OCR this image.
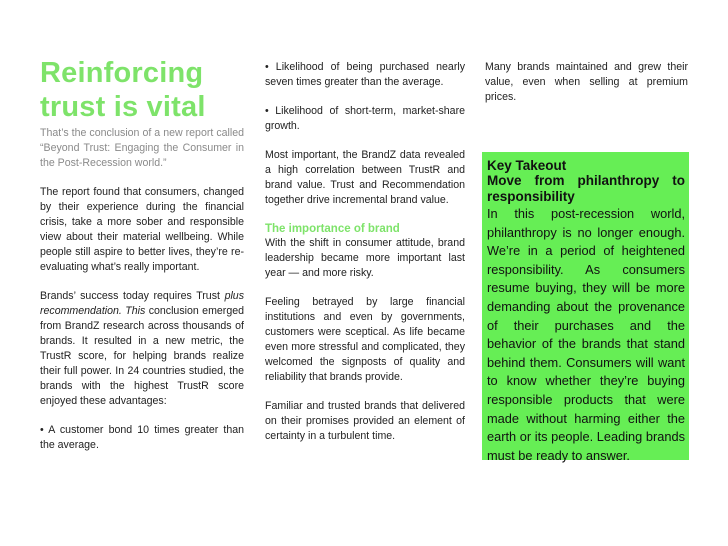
Reinforcing trust is vital

That’s the conclusion of a new report called “Beyond Trust: Engaging the Consumer in the Post-Recession world.”

The report found that consumers, changed by their experience during the financial crisis, take a more sober and responsible view about their material wellbeing. While people still aspire to better lives, they’re re-evaluating what’s really important.

Brands’ success today requires Trust plus recommendation. This conclusion emerged from BrandZ research across thousands of brands. It resulted in a new metric, the TrustR score, for helping brands realize their full power. In 24 countries studied, the brands with the highest TrustR score enjoyed these advantages:

• A customer bond 10 times greater than the average.

• Likelihood of being purchased nearly seven times greater than the average.

• Likelihood of short-term, market-share growth.

Most important, the BrandZ data revealed a high correlation between TrustR and brand value. Trust and Recommendation together drive incremental brand value.

The importance of brand

With the shift in consumer attitude, brand leadership became more important last year — and more risky.

Feeling betrayed by large financial institutions and even by governments, customers were sceptical. As life became even more stressful and complicated, they welcomed the signposts of quality and reliability that brands provide.

Familiar and trusted brands that delivered on their promises provided an element of certainty in a turbulent time.

Many brands maintained and grew their value, even when selling at premium prices.

Key Takeout

Move from philanthropy to responsibility

In this post-recession world, philanthropy is no longer enough. We’re in a period of heightened responsibility. As consumers resume buying, they will be more demanding about the provenance of their purchases and the behavior of the brands that stand behind them. Consumers will want to know whether they’re buying responsible products that were made without harming either the earth or its people. Leading brands must be ready to answer.
